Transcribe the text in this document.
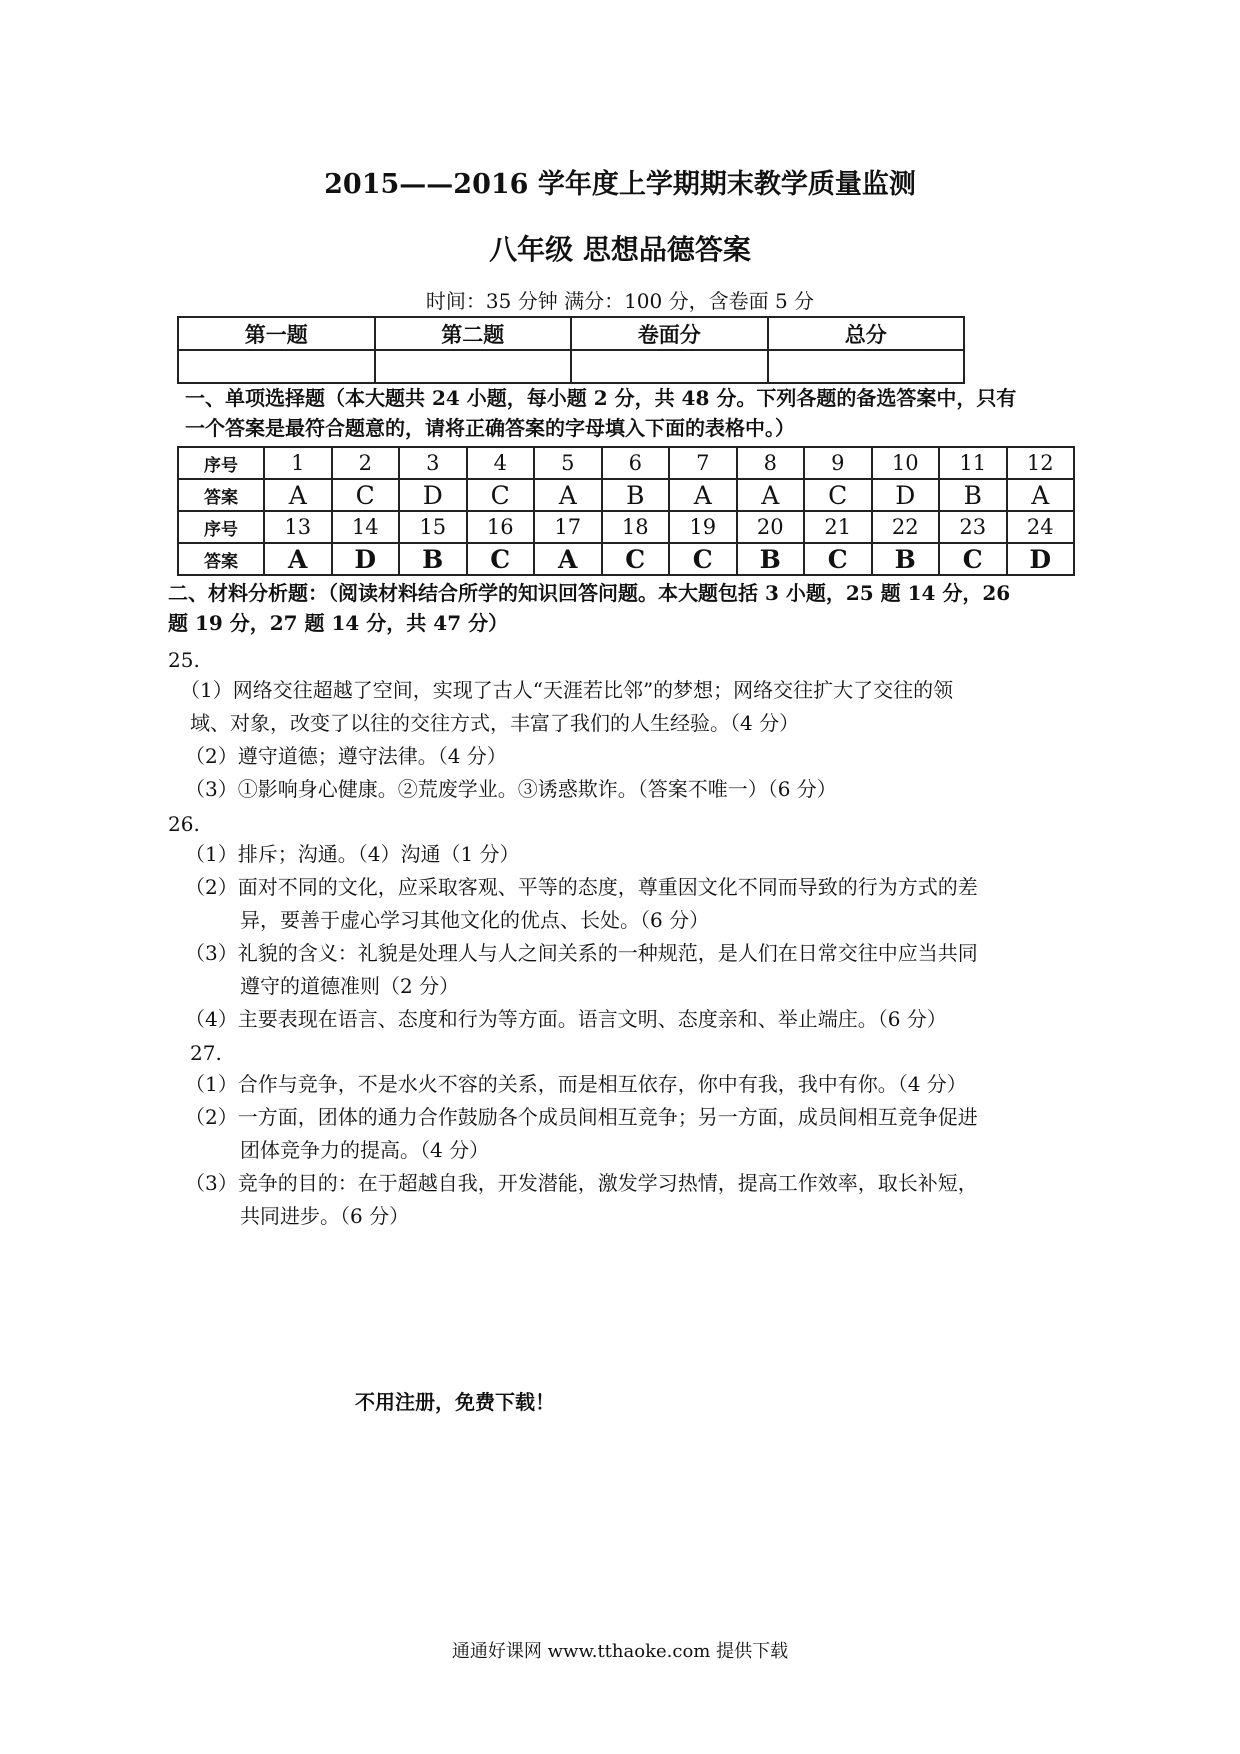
2015——2016 学年度上学期期末教学质量监测
八年级 思想品德答案
时间：35 分钟 满分：100 分，含卷面 5 分
第一题	第二题	卷面分	总分

一、单项选择题（本大题共 24 小题，每小题 2 分，共 48 分。下列各题的备选答案中，只有
一个答案是最符合题意的，请将正确答案的字母填入下面的表格中。）
序号	1	2	3	4	5	6	7	8	9	10	11	12
答案	A	C	D	C	A	B	A	A	C	D	B	A
序号	13	14	15	16	17	18	19	20	21	22	23	24
答案	A	D	B	C	A	C	C	B	C	B	C	D
二、材料分析题：（阅读材料结合所学的知识回答问题。本大题包括 3 小题，25 题 14 分，26
题 19 分，27 题 14 分，共 47 分）
25.
（1）网络交往超越了空间，实现了古人“天涯若比邻”的梦想；网络交往扩大了交往的领
域、对象，改变了以往的交往方式，丰富了我们的人生经验。（4 分）
（2）遵守道德；遵守法律。（4 分）
（3）①影响身心健康。②荒废学业。③诱惑欺诈。（答案不唯一）（6 分）
26.
（1）排斥；沟通。（4）沟通（1 分）
（2）面对不同的文化，应采取客观、平等的态度，尊重因文化不同而导致的行为方式的差
异，要善于虚心学习其他文化的优点、长处。（6 分）
（3）礼貌的含义：礼貌是处理人与人之间关系的一种规范，是人们在日常交往中应当共同
遵守的道德准则（2 分）
（4）主要表现在语言、态度和行为等方面。语言文明、态度亲和、举止端庄。（6 分）
27.
（1）合作与竞争，不是水火不容的关系，而是相互依存，你中有我，我中有你。（4 分）
（2）一方面，团体的通力合作鼓励各个成员间相互竞争；另一方面，成员间相互竞争促进
团体竞争力的提高。（4 分）
（3）竞争的目的：在于超越自我，开发潜能，激发学习热情，提高工作效率，取长补短，
共同进步。（6 分）
不用注册，免费下载！
通通好课网 www.tthaoke.com 提供下载
